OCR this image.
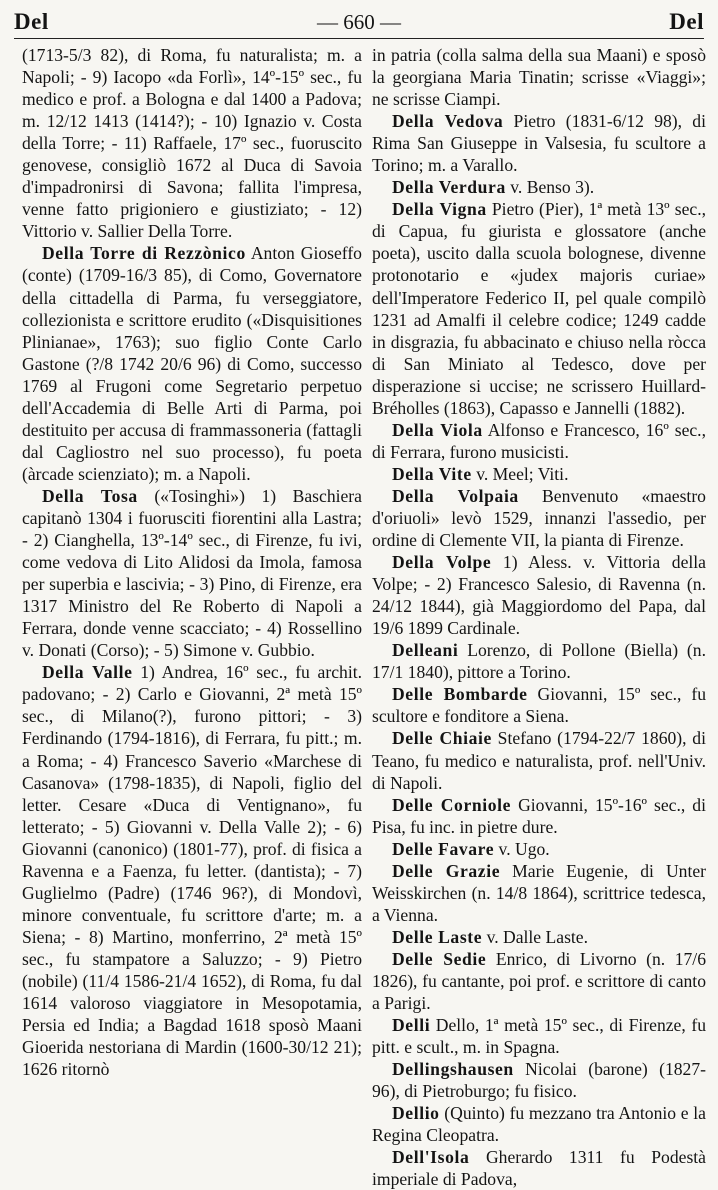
Del	— 660 —	Del

(1713-5/3 82), di Roma, fu naturalista; m. a Napoli; - 9) Iacopo «da Forlì», 14º-15º sec., fu medico e prof. a Bologna e dal 1400 a Padova; m. 12/12 1413 (1414?); - 10) Ignazio v. Costa della Torre; - 11) Raffaele, 17º sec., fuoruscito genovese, consigliò 1672 al Duca di Savoia d'impadronirsi di Savona; fallita l'impresa, venne fatto prigioniero e giustiziato; - 12) Vittorio v. Sallier Della Torre.

Della Torre di Rezzònico Anton Gioseffo (conte) (1709-16/3 85), di Como, Governatore della cittadella di Parma, fu verseggiatore, collezionista e scrittore erudito («Disquisitiones Plinianae», 1763); suo figlio Conte Carlo Gastone (?/8 1742 20/6 96) di Como, successo 1769 al Frugoni come Segretario perpetuo dell'Accademia di Belle Arti di Parma, poi destituito per accusa di frammassoneria (fattagli dal Cagliostro nel suo processo), fu poeta (àrcade scienziato); m. a Napoli.

Della Tosa («Tosinghi») 1) Baschiera capitanò 1304 i fuorusciti fiorentini alla Lastra; - 2) Cianghella, 13º-14º sec., di Firenze, fu ivi, come vedova di Lito Alidosi da Imola, famosa per superbia e lascivia; - 3) Pino, di Firenze, era 1317 Ministro del Re Roberto di Napoli a Ferrara, donde venne scacciato; - 4) Rossellino v. Donati (Corso); - 5) Simone v. Gubbio.

Della Valle 1) Andrea, 16º sec., fu archit. padovano; - 2) Carlo e Giovanni, 2ª metà 15º sec., di Milano(?), furono pittori; - 3) Ferdinando (1794-1816), di Ferrara, fu pitt.; m. a Roma; - 4) Francesco Saverio «Marchese di Casanova» (1798-1835), di Napoli, figlio del letter. Cesare «Duca di Ventignano», fu letterato; - 5) Giovanni v. Della Valle 2); - 6) Giovanni (canonico) (1801-77), prof. di fisica a Ravenna e a Faenza, fu letter. (dantista); - 7) Guglielmo (Padre) (1746 96?), di Mondovì, minore conventuale, fu scrittore d'arte; m. a Siena; - 8) Martino, monferrino, 2ª metà 15º sec., fu stampatore a Saluzzo; - 9) Pietro (nobile) (11/4 1586-21/4 1652), di Roma, fu dal 1614 valoroso viaggiatore in Mesopotamia, Persia ed India; a Bagdad 1618 sposò Maani Gioerida nestoriana di Mardin (1600-30/12 21); 1626 ritornò

in patria (colla salma della sua Maani) e sposò la georgiana Maria Tinatin; scrisse «Viaggi»; ne scrisse Ciampi.

Della Vedova Pietro (1831-6/12 98), di Rima San Giuseppe in Valsesia, fu scultore a Torino; m. a Varallo.

Della Verdura v. Benso 3).

Della Vigna Pietro (Pier), 1ª metà 13º sec., di Capua, fu giurista e glossatore (anche poeta), uscito dalla scuola bolognese, divenne protonotario e «judex majoris curiae» dell'Imperatore Federico II, pel quale compilò 1231 ad Amalfi il celebre codice; 1249 cadde in disgrazia, fu abbacinato e chiuso nella ròcca di San Miniato al Tedesco, dove per disperazione si uccise; ne scrissero Huillard-Bréholles (1863), Capasso e Jannelli (1882).

Della Viola Alfonso e Francesco, 16º sec., di Ferrara, furono musicisti.

Della Vite v. Meel; Viti.

Della Volpaia Benvenuto «maestro d'oriuoli» levò 1529, innanzi l'assedio, per ordine di Clemente VII, la pianta di Firenze.

Della Volpe 1) Aless. v. Vittoria della Volpe; - 2) Francesco Salesio, di Ravenna (n. 24/12 1844), già Maggiordomo del Papa, dal 19/6 1899 Cardinale.

Delleani Lorenzo, di Pollone (Biella) (n. 17/1 1840), pittore a Torino.

Delle Bombarde Giovanni, 15º sec., fu scultore e fonditore a Siena.

Delle Chiaie Stefano (1794-22/7 1860), di Teano, fu medico e naturalista, prof. nell'Univ. di Napoli.

Delle Corniole Giovanni, 15º-16º sec., di Pisa, fu inc. in pietre dure.

Delle Favare v. Ugo.

Delle Grazie Marie Eugenie, di Unter Weisskirchen (n. 14/8 1864), scrittrice tedesca, a Vienna.

Delle Laste v. Dalle Laste.

Delle Sedie Enrico, di Livorno (n. 17/6 1826), fu cantante, poi prof. e scrittore di canto a Parigi.

Delli Dello, 1ª metà 15º sec., di Firenze, fu pitt. e scult., m. in Spagna.

Dellingshausen Nicolai (barone) (1827-96), di Pietroburgo; fu fisico.

Dellio (Quinto) fu mezzano tra Antonio e la Regina Cleopatra.

Dell'Isola Gherardo 1311 fu Podestà imperiale di Padova,
